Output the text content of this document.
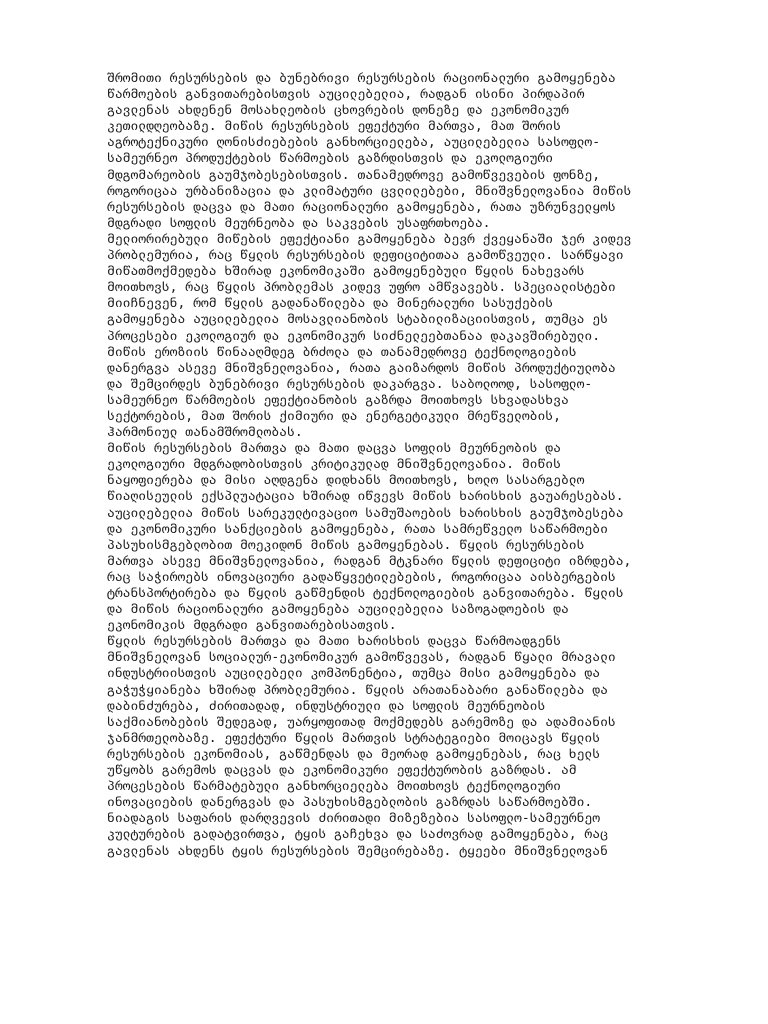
შრომითი რესურსების და ბუნებრივი რესურსების რაციონალური გამოყენება
წარმოების განვითარებისთვის აუცილებელია, რადგან ისინი პირდაპირ
გავლენას ახდენენ მოსახლეობის ცხოვრების დონეზე და ეკონომიკურ
კეთილდღეობაზე. მიწის რესურსების ეფექტური მართვა, მათ შორის
აგროტექნიკური ღონისძიებების განხორციელება, აუცილებელია სასოფლო-
სამეურნეო პროდუქტების წარმოების გაზრდისთვის და ეკოლოგიური
მდგომარეობის გაუმჯობესებისთვის. თანამედროვე გამოწვევების ფონზე,
როგორიცაა ურბანიზაცია და კლიმატური ცვლილებები, მნიშვნელოვანია მიწის
რესურსების დაცვა და მათი რაციონალური გამოყენება, რათა უზრუნველყოს
მდგრადი სოფლის მეურნეობა და საკვების უსაფრთხოება.
მელიორირებული მიწების ეფექტიანი გამოყენება ბევრ ქვეყანაში ჯერ კიდევ
პრობლემურია, რაც წყლის რესურსების დეფიციტითაა გამოწვეული. სარწყავი
მიწათმოქმედება ხშირად ეკონომიკაში გამოყენებული წყლის ნახევარს
მოითხოვს, რაც წყლის პრობლემას კიდევ უფრო ამწვავებს. სპეციალისტები
მიიჩნევენ, რომ წყლის გადანაწილება და მინერალური სასუქების
გამოყენება აუცილებელია მოსავლიანობის სტაბილიზაციისთვის, თუმცა ეს
პროცესები ეკოლოგიურ და ეკონომიკურ სიძნელეებთანაა დაკავშირებული.
მიწის ეროზიის წინააღმდეგ ბრძოლა და თანამედროვე ტექნოლოგიების
დანერგვა ასევე მნიშვნელოვანია, რათა გაიზარდოს მიწის პროდუქტიულობა
და შემცირდეს ბუნებრივი რესურსების დაკარგვა. საბოლოოდ, სასოფლო-
სამეურნეო წარმოების ეფექტიანობის გაზრდა მოითხოვს სხვადასხვა
სექტორების, მათ შორის ქიმიური და ენერგეტიკული მრეწველობის,
ჰარმონიულ თანამშრომლობას.
მიწის რესურსების მართვა და მათი დაცვა სოფლის მეურნეობის და
ეკოლოგიური მდგრადობისთვის კრიტიკულად მნიშვნელოვანია. მიწის
ნაყოფიერება და მისი აღდგენა დიდხანს მოითხოვს, ხოლო სასარგებლო
წიაღისეულის ექსპლუატაცია ხშირად იწვევს მიწის ხარისხის გაუარესებას.
აუცილებელია მიწის სარეკულტივაციო სამუშაოების ხარისხის გაუმჯობესება
და ეკონომიკური სანქციების გამოყენება, რათა სამრეწველო საწარმოები
პასუხისმგებლობით მოეკიდონ მიწის გამოყენებას. წყლის რესურსების
მართვა ასევე მნიშვნელოვანია, რადგან მტკნარი წყლის დეფიციტი იზრდება,
რაც საჭიროებს ინოვაციური გადაწყვეტილებების, როგორიცაა აისბერგების
ტრანსპორტირება და წყლის გაწმენდის ტექნოლოგიების განვითარება. წყლის
და მიწის რაციონალური გამოყენება აუცილებელია საზოგადოების და
ეკონომიკის მდგრადი განვითარებისათვის.
წყლის რესურსების მართვა და მათი ხარისხის დაცვა წარმოადგენს
მნიშვნელოვან სოციალურ-ეკონომიკურ გამოწვევას, რადგან წყალი მრავალი
ინდუსტრიისთვის აუცილებელი კომპონენტია, თუმცა მისი გამოყენება და
გაჭუჭყიანება ხშირად პრობლემურია. წყლის არათანაბარი განაწილება და
დაბინძურება, ძირითადად, ინდუსტრიული და სოფლის მეურნეობის
საქმიანობების შედეგად, უარყოფითად მოქმედებს გარემოზე და ადამიანის
ჯანმრთელობაზე. ეფექტური წყლის მართვის სტრატეგიები მოიცავს წყლის
რესურსების ეკონომიას, გაწმენდას და მეორად გამოყენებას, რაც ხელს
უწყობს გარემოს დაცვას და ეკონომიკური ეფექტურობის გაზრდას. ამ
პროცესების წარმატებული განხორციელება მოითხოვს ტექნოლოგიური
ინოვაციების დანერგვას და პასუხისმგებლობის გაზრდას საწარმოებში.
ნიადაგის საფარის დარღვევის ძირითადი მიზეზებია სასოფლო-სამეურნეო
კულტურების გადატვირთვა, ტყის გაჩეხვა და საძოვრად გამოყენება, რაც
გავლენას ახდენს ტყის რესურსების შემცირებაზე. ტყეები მნიშვნელოვან
